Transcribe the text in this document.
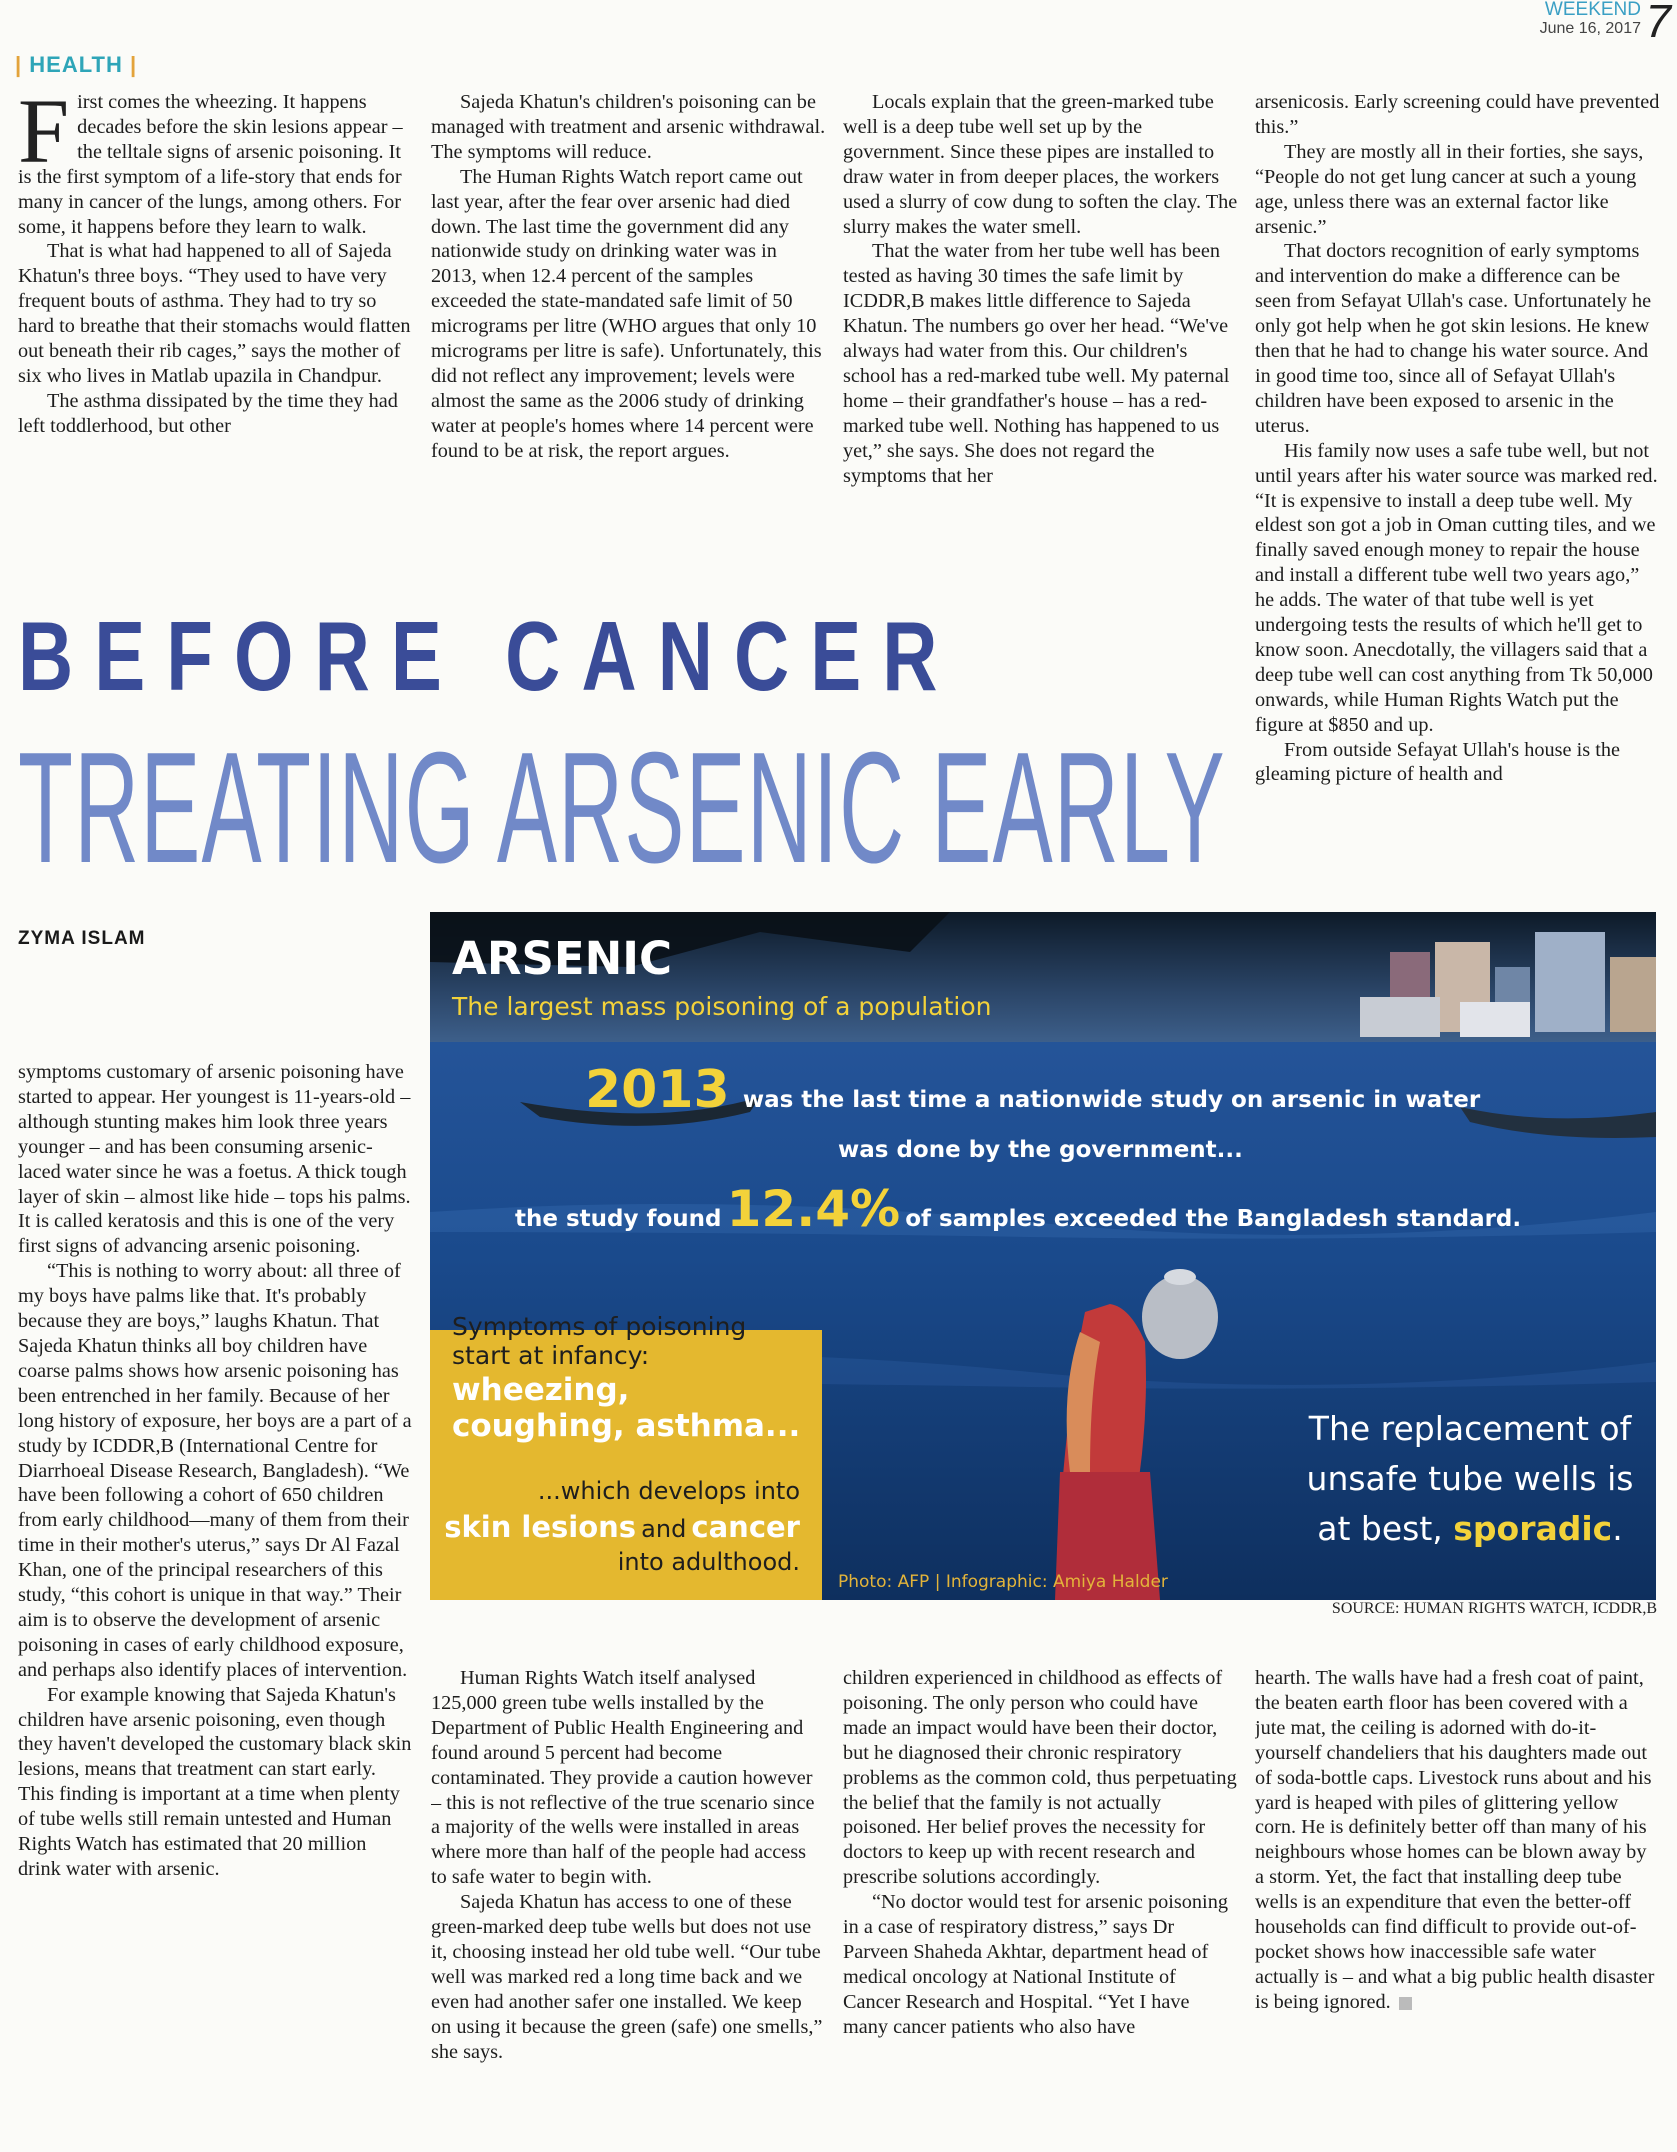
WEEKEND
June 16, 2017 7
| HEALTH |

First comes the wheezing. It happens decades before the skin lesions appear – the telltale signs of arsenic poisoning. It is the first symptom of a life-story that ends for many in cancer of the lungs, among others. For some, it happens before they learn to walk.

That is what had happened to all of Sajeda Khatun's three boys. “They used to have very frequent bouts of asthma. They had to try so hard to breathe that their stomachs would flatten out beneath their rib cages,” says the mother of six who lives in Matlab upazila in Chandpur.

The asthma dissipated by the time they had left toddlerhood, but other

Sajeda Khatun's children's poisoning can be managed with treatment and arsenic withdrawal. The symptoms will reduce.

The Human Rights Watch report came out last year, after the fear over arsenic had died down. The last time the government did any nationwide study on drinking water was in 2013, when 12.4 percent of the samples exceeded the state-mandated safe limit of 50 micrograms per litre (WHO argues that only 10 micrograms per litre is safe). Unfortunately, this did not reflect any improvement; levels were almost the same as the 2006 study of drinking water at people's homes where 14 percent were found to be at risk, the report argues.

Locals explain that the green-marked tube well is a deep tube well set up by the government. Since these pipes are installed to draw water in from deeper places, the workers used a slurry of cow dung to soften the clay. The slurry makes the water smell.

That the water from her tube well has been tested as having 30 times the safe limit by ICDDR,B makes little difference to Sajeda Khatun. The numbers go over her head. “We've always had water from this. Our children's school has a red-marked tube well. My paternal home – their grandfather's house – has a red-marked tube well. Nothing has happened to us yet,” she says. She does not regard the symptoms that her

arsenicosis. Early screening could have prevented this.”

They are mostly all in their forties, she says, “People do not get lung cancer at such a young age, unless there was an external factor like arsenic.”

That doctors recognition of early symptoms and intervention do make a difference can be seen from Sefayat Ullah's case. Unfortunately he only got help when he got skin lesions. He knew then that he had to change his water source. And in good time too, since all of Sefayat Ullah's children have been exposed to arsenic in the uterus.

His family now uses a safe tube well, but not until years after his water source was marked red. “It is expensive to install a deep tube well. My eldest son got a job in Oman cutting tiles, and we finally saved enough money to repair the house and install a different tube well two years ago,” he adds. The water of that tube well is yet undergoing tests the results of which he'll get to know soon. Anecdotally, the villagers said that a deep tube well can cost anything from Tk 50,000 onwards, while Human Rights Watch put the figure at $850 and up.

From outside Sefayat Ullah's house is the gleaming picture of health and

BEFORE CANCER
TREATING ARSENIC EARLY
ZYMA ISLAM

symptoms customary of arsenic poisoning have started to appear. Her youngest is 11-years-old – although stunting makes him look three years younger – and has been consuming arsenic-laced water since he was a foetus. A thick tough layer of skin – almost like hide – tops his palms. It is called keratosis and this is one of the very first signs of advancing arsenic poisoning.

“This is nothing to worry about: all three of my boys have palms like that. It's probably because they are boys,” laughs Khatun. That Sajeda Khatun thinks all boy children have coarse palms shows how arsenic poisoning has been entrenched in her family. Because of her long history of exposure, her boys are a part of a study by ICDDR,B (International Centre for Diarrhoeal Disease Research, Bangladesh). “We have been following a cohort of 650 children from early childhood—many of them from their time in their mother's uterus,” says Dr Al Fazal Khan, one of the principal researchers of this study, “this cohort is unique in that way.” Their aim is to observe the development of arsenic poisoning in cases of early childhood exposure, and perhaps also identify places of intervention.

For example knowing that Sajeda Khatun's children have arsenic poisoning, even though they haven't developed the customary black skin lesions, means that treatment can start early. This finding is important at a time when plenty of tube wells still remain untested and Human Rights Watch has estimated that 20 million drink water with arsenic.

ARSENIC
The largest mass poisoning of a population
2013 was the last time a nationwide study on arsenic in water
was done by the government...
the study found 12.4% of samples exceeded the Bangladesh standard.
Symptoms of poisoning start at infancy:
wheezing, coughing, asthma...
...which develops into
skin lesions and cancer
into adulthood.
The replacement of unsafe tube wells is at best, sporadic.
Photo: AFP | Infographic: Amiya Halder
SOURCE: HUMAN RIGHTS WATCH, ICDDR,B

Human Rights Watch itself analysed 125,000 green tube wells installed by the Department of Public Health Engineering and found around 5 percent had become contaminated. They provide a caution however – this is not reflective of the true scenario since a majority of the wells were installed in areas where more than half of the people had access to safe water to begin with.

Sajeda Khatun has access to one of these green-marked deep tube wells but does not use it, choosing instead her old tube well. “Our tube well was marked red a long time back and we even had another safer one installed. We keep on using it because the green (safe) one smells,” she says.

children experienced in childhood as effects of poisoning. The only person who could have made an impact would have been their doctor, but he diagnosed their chronic respiratory problems as the common cold, thus perpetuating the belief that the family is not actually poisoned. Her belief proves the necessity for doctors to keep up with recent research and prescribe solutions accordingly.

“No doctor would test for arsenic poisoning in a case of respiratory distress,” says Dr Parveen Shaheda Akhtar, department head of medical oncology at National Institute of Cancer Research and Hospital. “Yet I have many cancer patients who also have

hearth. The walls have had a fresh coat of paint, the beaten earth floor has been covered with a jute mat, the ceiling is adorned with do-it-yourself chandeliers that his daughters made out of soda-bottle caps. Livestock runs about and his yard is heaped with piles of glittering yellow corn. He is definitely better off than many of his neighbours whose homes can be blown away by a storm. Yet, the fact that installing deep tube wells is an expenditure that even the better-off households can find difficult to provide out-of-pocket shows how inaccessible safe water actually is – and what a big public health disaster is being ignored.
